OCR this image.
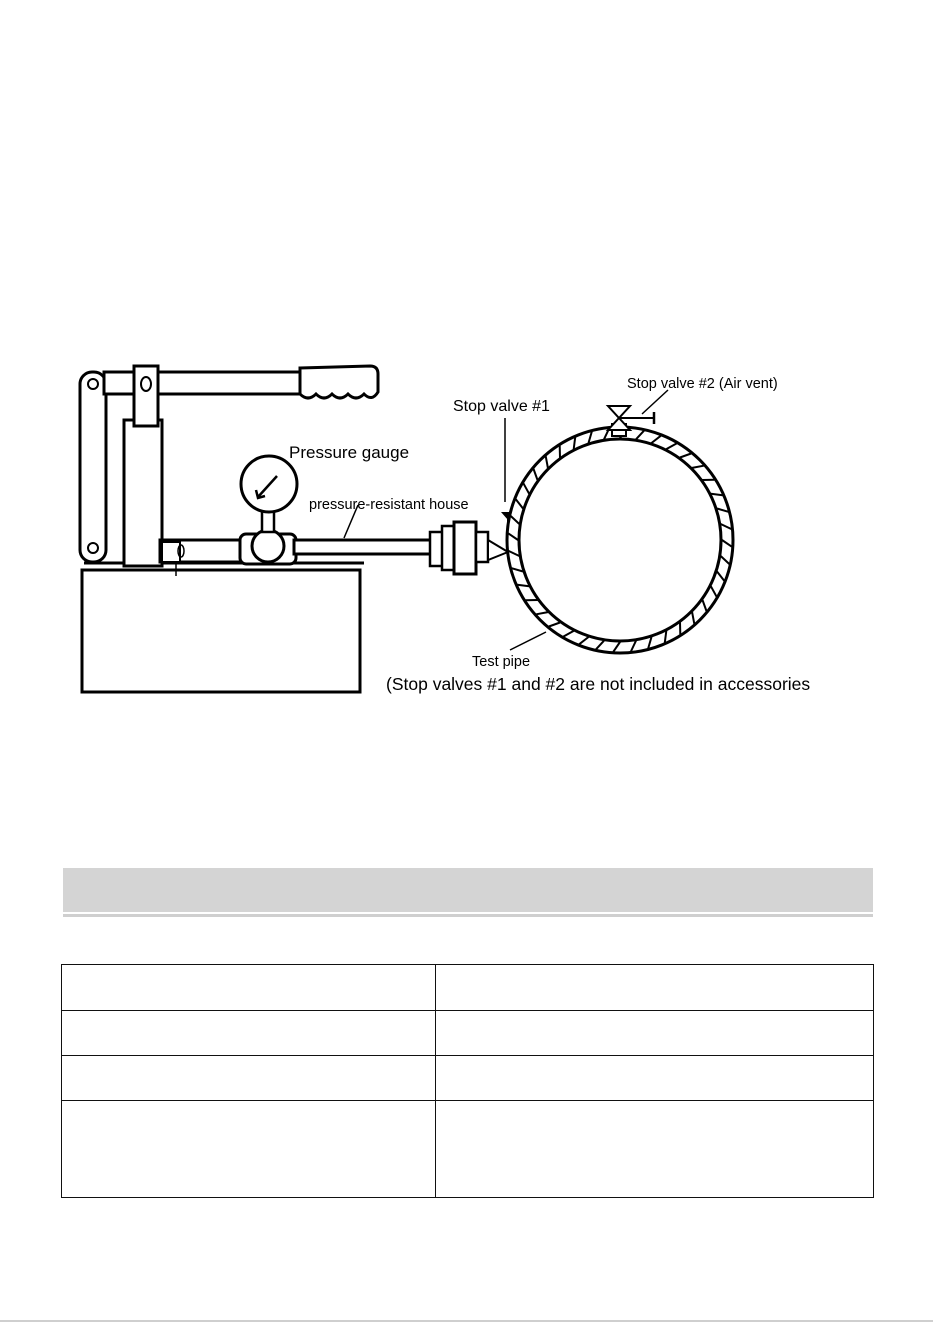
Pressure gauge
pressure-resistant house
Stop valve #1
Stop valve #2 (Air vent)
Test pipe
(Stop valves #1 and #2 are not included in accessories
